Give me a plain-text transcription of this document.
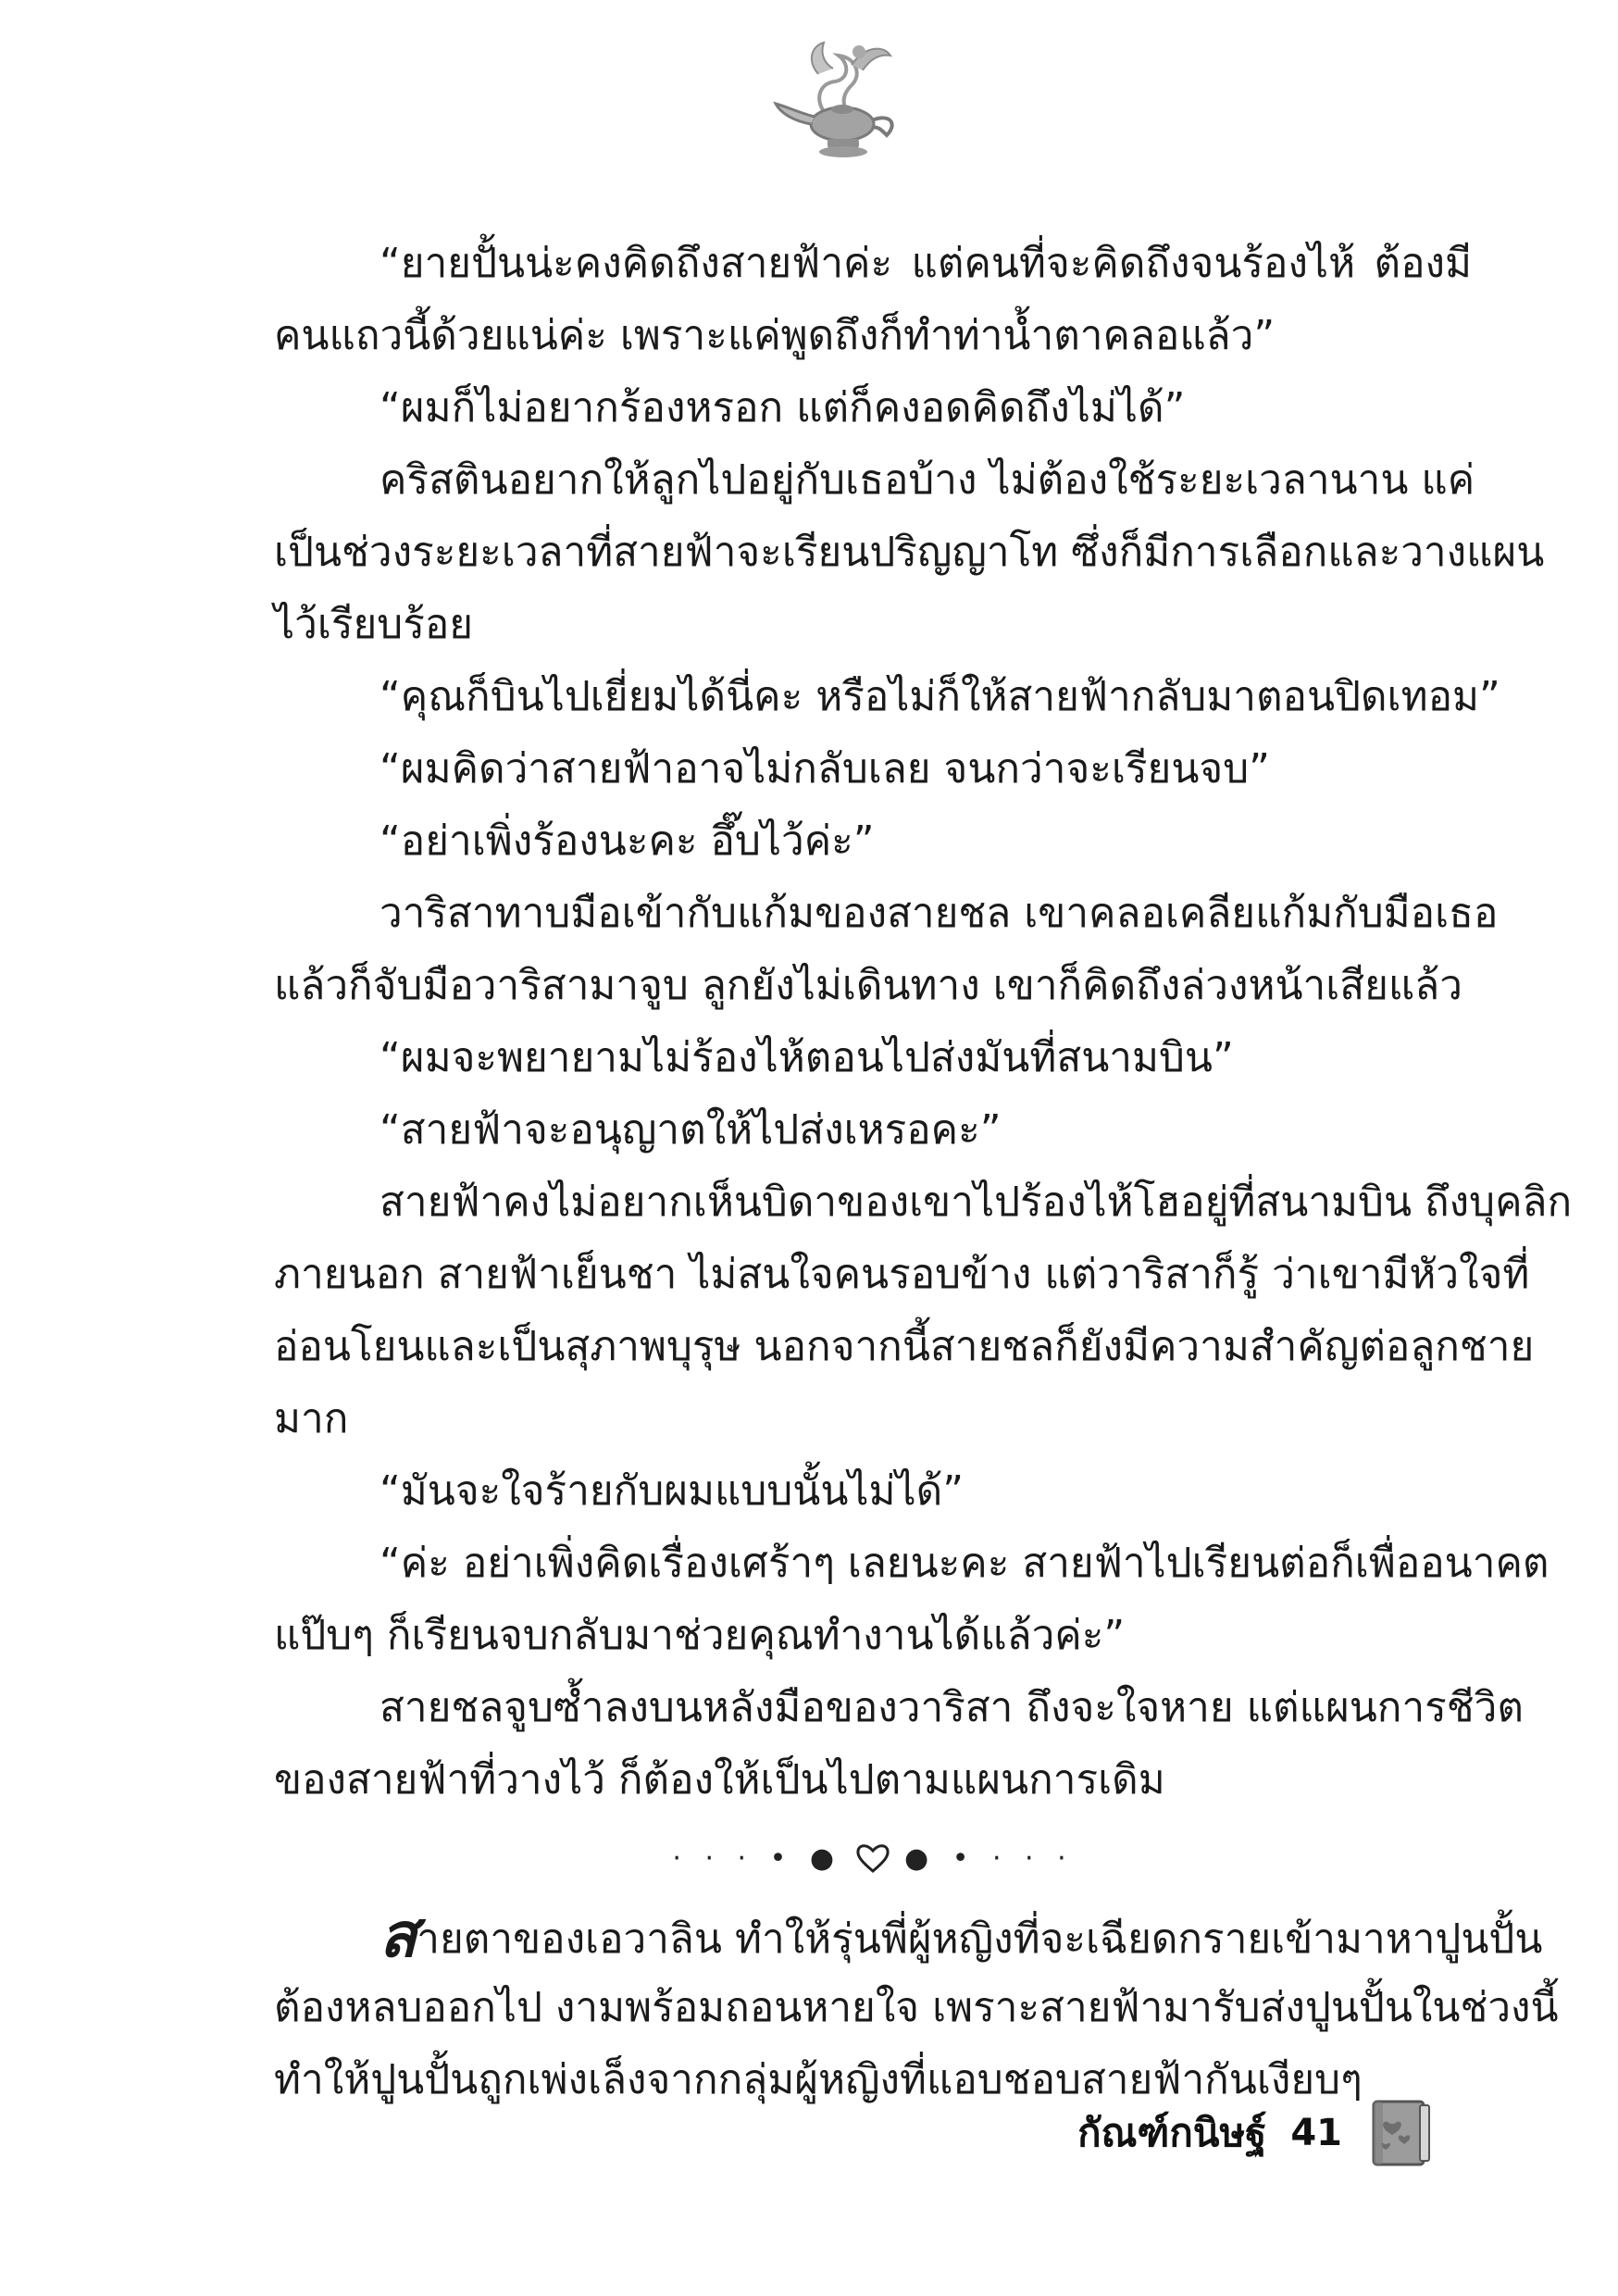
“ยายปั้นน่ะคงคิดถึงสายฟ้าค่ะ แต่คนที่จะคิดถึงจนร้องไห้ ต้องมี
คนแถวนี้ด้วยแน่ค่ะ เพราะแค่พูดถึงก็ทำท่าน้ำตาคลอแล้ว”
“ผมก็ไม่อยากร้องหรอก แต่ก็คงอดคิดถึงไม่ได้”
คริสตินอยากให้ลูกไปอยู่กับเธอบ้าง ไม่ต้องใช้ระยะเวลานาน แค่
เป็นช่วงระยะเวลาที่สายฟ้าจะเรียนปริญญาโท ซึ่งก็มีการเลือกและวางแผน
ไว้เรียบร้อย
“คุณก็บินไปเยี่ยมได้นี่คะ หรือไม่ก็ให้สายฟ้ากลับมาตอนปิดเทอม”
“ผมคิดว่าสายฟ้าอาจไม่กลับเลย จนกว่าจะเรียนจบ”
“อย่าเพิ่งร้องนะคะ อึ๊บไว้ค่ะ”
วาริสาทาบมือเข้ากับแก้มของสายชล เขาคลอเคลียแก้มกับมือเธอ
แล้วก็จับมือวาริสามาจูบ ลูกยังไม่เดินทาง เขาก็คิดถึงล่วงหน้าเสียแล้ว
“ผมจะพยายามไม่ร้องไห้ตอนไปส่งมันที่สนามบิน”
“สายฟ้าจะอนุญาตให้ไปส่งเหรอคะ”
สายฟ้าคงไม่อยากเห็นบิดาของเขาไปร้องไห้โฮอยู่ที่สนามบิน ถึงบุคลิก
ภายนอก สายฟ้าเย็นชา ไม่สนใจคนรอบข้าง แต่วาริสาก็รู้ ว่าเขามีหัวใจที่
อ่อนโยนและเป็นสุภาพบุรุษ นอกจากนี้สายชลก็ยังมีความสำคัญต่อลูกชาย
มาก
“มันจะใจร้ายกับผมแบบนั้นไม่ได้”
“ค่ะ อย่าเพิ่งคิดเรื่องเศร้าๆ เลยนะคะ สายฟ้าไปเรียนต่อก็เพื่ออนาคต
แป๊บๆ ก็เรียนจบกลับมาช่วยคุณทำงานได้แล้วค่ะ”
สายชลจูบซ้ำลงบนหลังมือของวาริสา ถึงจะใจหาย แต่แผนการชีวิต
ของสายฟ้าที่วางไว้ ก็ต้องให้เป็นไปตามแผนการเดิม
· · · • ● ● • · · ·
สายตาของเอวาลิน ทำให้รุ่นพี่ผู้หญิงที่จะเฉียดกรายเข้ามาหาปูนปั้น
ต้องหลบออกไป งามพร้อมถอนหายใจ เพราะสายฟ้ามารับส่งปูนปั้นในช่วงนี้
ทำให้ปูนปั้นถูกเพ่งเล็งจากกลุ่มผู้หญิงที่แอบชอบสายฟ้ากันเงียบๆ
กัณฑ์กนิษฐ์ 41
